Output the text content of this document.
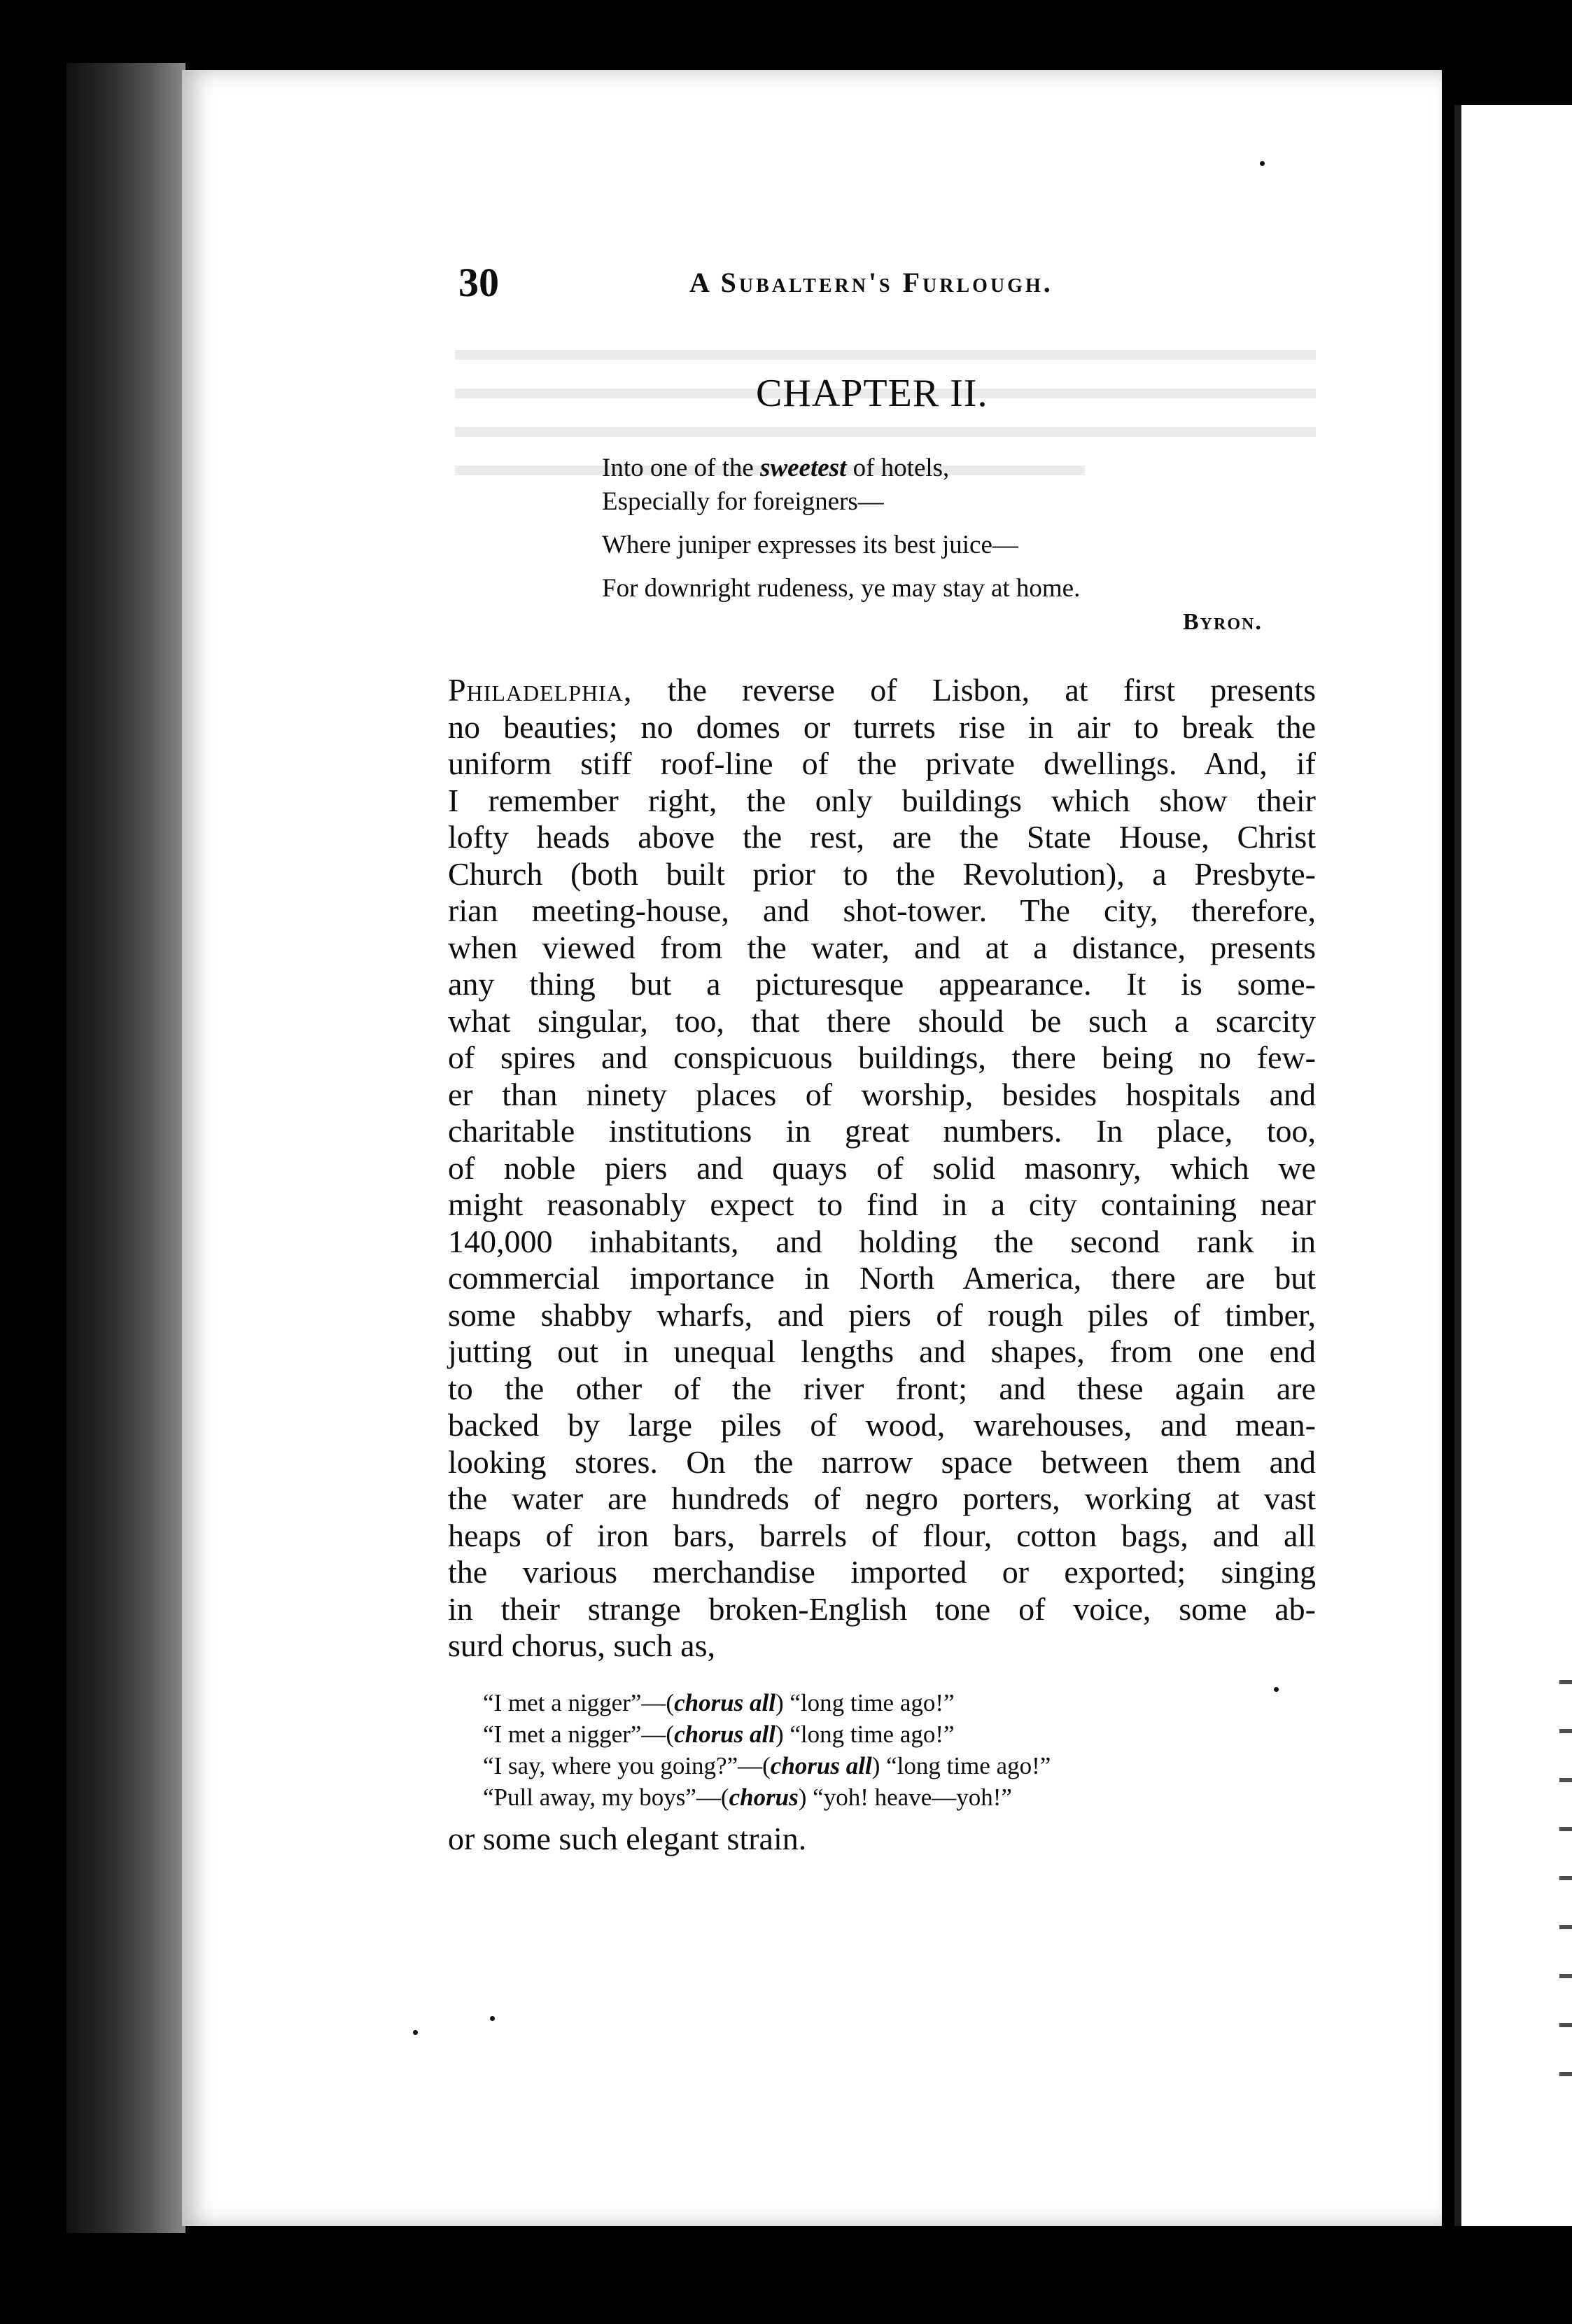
30	A Subaltern's Furlough.
CHAPTER II.
Into one of the sweetest of hotels,
Especially for foreigners—
Where juniper expresses its best juice—
For downright rudeness, ye may stay at home.
Byron.
Philadelphia, the reverse of Lisbon, at first presents
no beauties; no domes or turrets rise in air to break the
uniform stiff roof-line of the private dwellings. And, if
I remember right, the only buildings which show their
lofty heads above the rest, are the State House, Christ
Church (both built prior to the Revolution), a Presbyte-
rian meeting-house, and shot-tower. The city, therefore,
when viewed from the water, and at a distance, presents
any thing but a picturesque appearance. It is some-
what singular, too, that there should be such a scarcity
of spires and conspicuous buildings, there being no few-
er than ninety places of worship, besides hospitals and
charitable institutions in great numbers. In place, too,
of noble piers and quays of solid masonry, which we
might reasonably expect to find in a city containing near
140,000 inhabitants, and holding the second rank in
commercial importance in North America, there are but
some shabby wharfs, and piers of rough piles of timber,
jutting out in unequal lengths and shapes, from one end
to the other of the river front; and these again are
backed by large piles of wood, warehouses, and mean-
looking stores. On the narrow space between them and
the water are hundreds of negro porters, working at vast
heaps of iron bars, barrels of flour, cotton bags, and all
the various merchandise imported or exported; singing
in their strange broken-English tone of voice, some ab-
surd chorus, such as,
“I met a nigger”—(chorus all) “long time ago!”
“I met a nigger”—(chorus all) “long time ago!”
“I say, where you going?”—(chorus all) “long time ago!”
“Pull away, my boys”—(chorus) “yoh! heave—yoh!”
or some such elegant strain.
